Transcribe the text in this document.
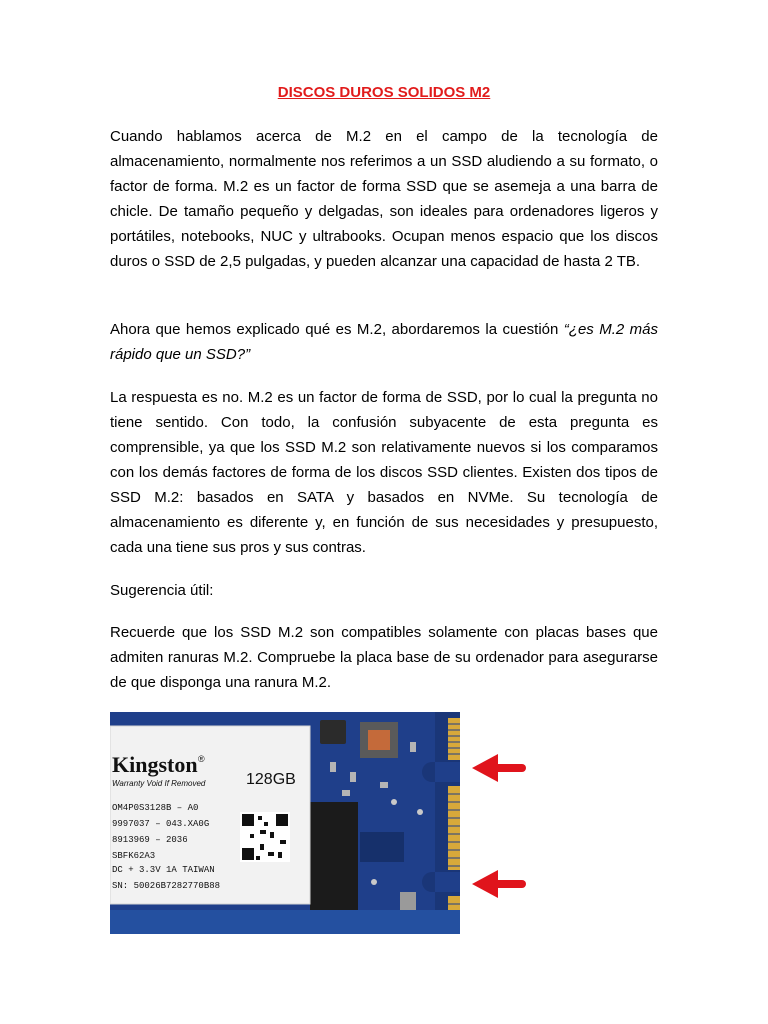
DISCOS DUROS SOLIDOS M2

Cuando hablamos acerca de M.2 en el campo de la tecnología de almacenamiento, normalmente nos referimos a un SSD aludiendo a su formato, o factor de forma. M.2 es un factor de forma SSD que se asemeja a una barra de chicle. De tamaño pequeño y delgadas, son ideales para ordenadores ligeros y portátiles, notebooks, NUC y ultrabooks. Ocupan menos espacio que los discos duros o SSD de 2,5 pulgadas, y pueden alcanzar una capacidad de hasta 2 TB.

Ahora que hemos explicado qué es M.2, abordaremos la cuestión “¿es M.2 más rápido que un SSD?”

La respuesta es no. M.2 es un factor de forma de SSD, por lo cual la pregunta no tiene sentido. Con todo, la confusión subyacente de esta pregunta es comprensible, ya que los SSD M.2 son relativamente nuevos si los comparamos con los demás factores de forma de los discos SSD clientes. Existen dos tipos de SSD M.2: basados en SATA y basados en NVMe. Su tecnología de almacenamiento es diferente y, en función de sus necesidades y presupuesto, cada una tiene sus pros y sus contras.

Sugerencia útil:

Recuerde que los SSD M.2 son compatibles solamente con placas bases que admiten ranuras M.2. Compruebe la placa base de su ordenador para asegurarse de que disponga una ranura M.2.

Kingston ®
Warranty Void If Removed	128GB
OM4P0S3128B – A0
9997037 – 043.XA0G
8913969 – 2036
SBFK62A3
DC + 3.3V 1A TAIWAN
SN: 50026B7282770B88
